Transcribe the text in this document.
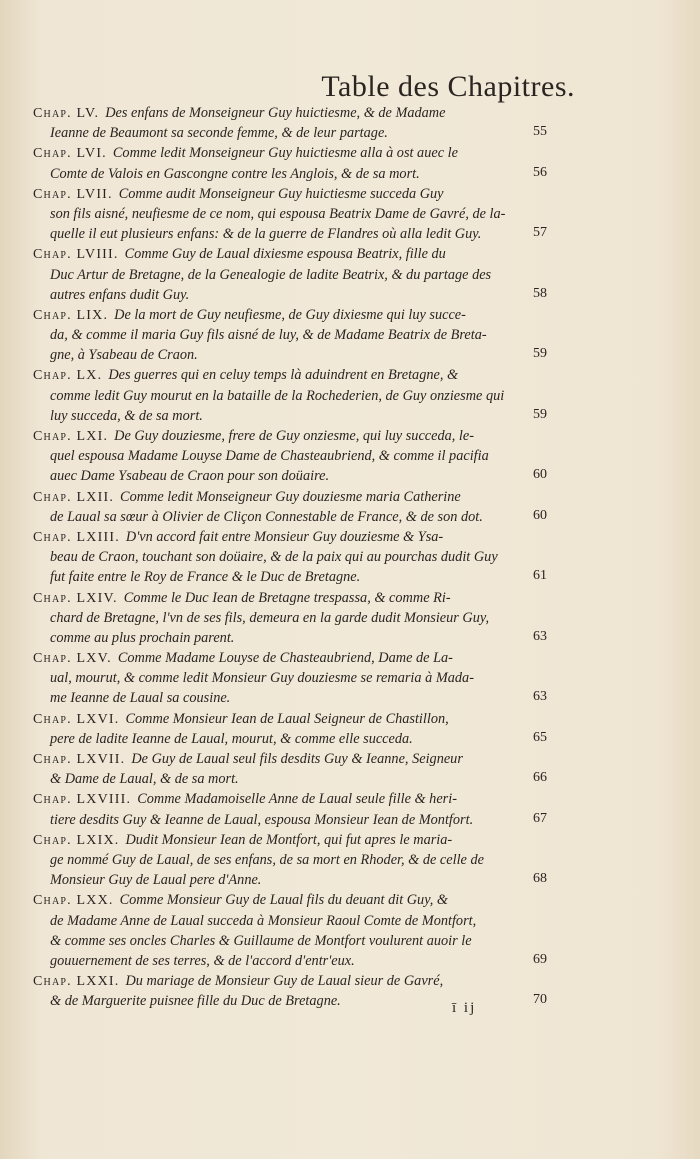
Table des Chapitres.
Chap. LV. Des enfans de Monseigneur Guy huictiesme, & de Madame
Ieanne de Beaumont sa seconde femme, & de leur partage.	55
Chap. LVI. Comme ledit Monseigneur Guy huictiesme alla à ost auec le
Comte de Valois en Gascongne contre les Anglois, & de sa mort.	56
Chap. LVII. Comme audit Monseigneur Guy huictiesme succeda Guy
son fils aisné, neufiesme de ce nom, qui espousa Beatrix Dame de Gavré, de la-
quelle il eut plusieurs enfans: & de la guerre de Flandres où alla ledit Guy.	57
Chap. LVIII. Comme Guy de Laual dixiesme espousa Beatrix, fille du
Duc Artur de Bretagne, de la Genealogie de ladite Beatrix, & du partage des
autres enfans dudit Guy.	58
Chap. LIX. De la mort de Guy neufiesme, de Guy dixiesme qui luy succe-
da, & comme il maria Guy fils aisné de luy, & de Madame Beatrix de Breta-
gne, à Ysabeau de Craon.	59
Chap. LX. Des guerres qui en celuy temps là aduindrent en Bretagne, &
comme ledit Guy mourut en la bataille de la Rochederien, de Guy onziesme qui
luy succeda, & de sa mort.	59
Chap. LXI. De Guy douziesme, frere de Guy onziesme, qui luy succeda, le-
quel espousa Madame Louyse Dame de Chasteaubriend, & comme il pacifia
auec Dame Ysabeau de Craon pour son doüaire.	60
Chap. LXII. Comme ledit Monseigneur Guy douziesme maria Catherine
de Laual sa sœur à Olivier de Cliçon Connestable de France, & de son dot.	60
Chap. LXIII. D'vn accord fait entre Monsieur Guy douziesme & Ysa-
beau de Craon, touchant son doüaire, & de la paix qui au pourchas dudit Guy
fut faite entre le Roy de France & le Duc de Bretagne.	61
Chap. LXIV. Comme le Duc Iean de Bretagne trespassa, & comme Ri-
chard de Bretagne, l'vn de ses fils, demeura en la garde dudit Monsieur Guy,
comme au plus prochain parent.	63
Chap. LXV. Comme Madame Louyse de Chasteaubriend, Dame de La-
ual, mourut, & comme ledit Monsieur Guy douziesme se remaria à Mada-
me Ieanne de Laual sa cousine.	63
Chap. LXVI. Comme Monsieur Iean de Laual Seigneur de Chastillon,
pere de ladite Ieanne de Laual, mourut, & comme elle succeda.	65
Chap. LXVII. De Guy de Laual seul fils desdits Guy & Ieanne, Seigneur
& Dame de Laual, & de sa mort.	66
Chap. LXVIII. Comme Madamoiselle Anne de Laual seule fille & heri-
tiere desdits Guy & Ieanne de Laual, espousa Monsieur Iean de Montfort.	67
Chap. LXIX. Dudit Monsieur Iean de Montfort, qui fut apres le maria-
ge nommé Guy de Laual, de ses enfans, de sa mort en Rhoder, & de celle de
Monsieur Guy de Laual pere d'Anne.	68
Chap. LXX. Comme Monsieur Guy de Laual fils du deuant dit Guy, &
de Madame Anne de Laual succeda à Monsieur Raoul Comte de Montfort,
& comme ses oncles Charles & Guillaume de Montfort voulurent auoir le
gouuernement de ses terres, & de l'accord d'entr'eux.	69
Chap. LXXI. Du mariage de Monsieur Guy de Laual sieur de Gavré,
& de Marguerite puisnee fille du Duc de Bretagne.	70
ī ij
